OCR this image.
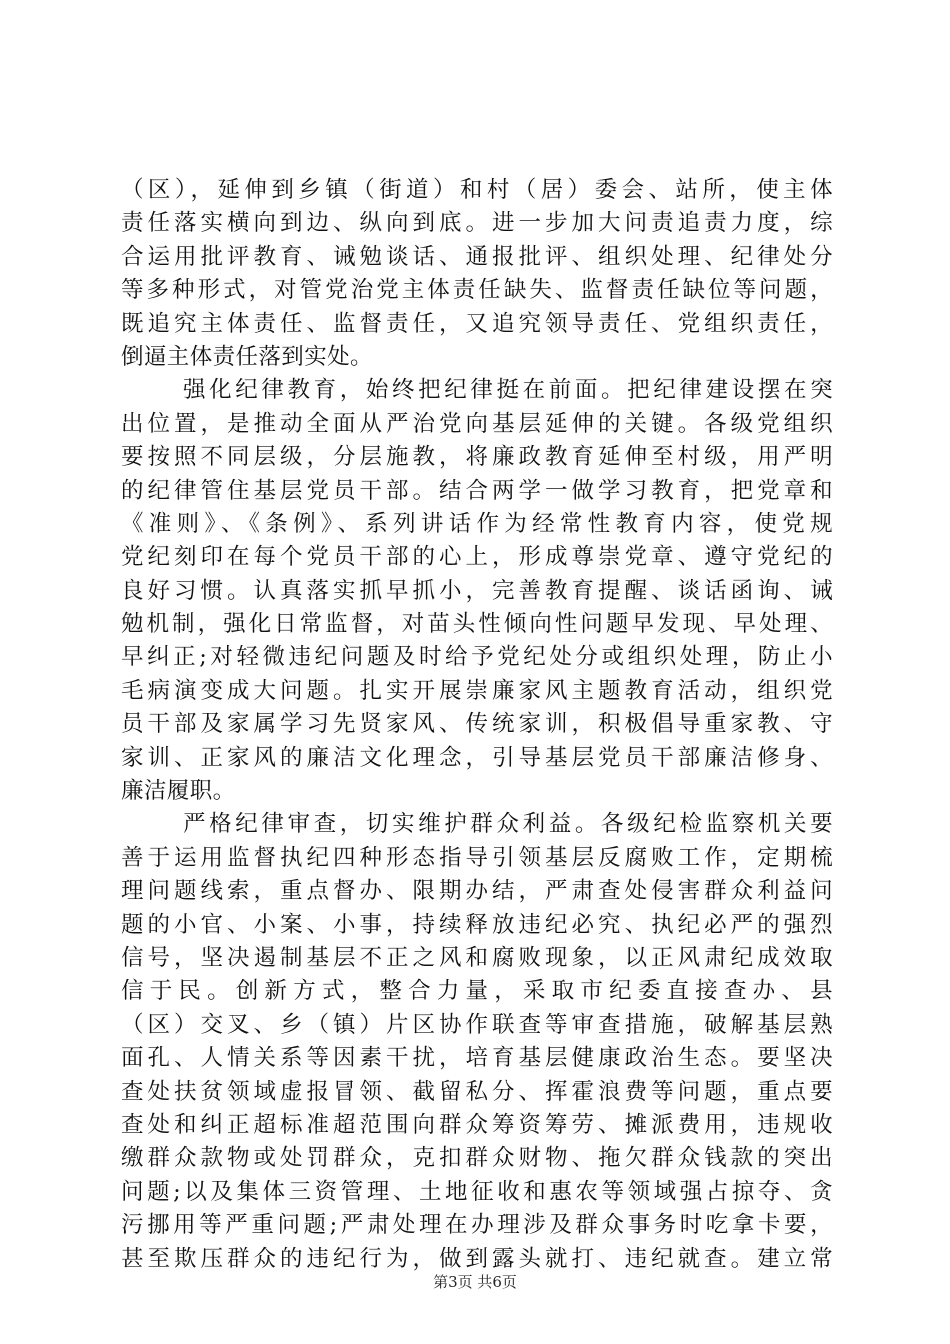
（区），延伸到乡镇（街道）和村（居）委会、站所，使主体
责任落实横向到边、纵向到底。进一步加大问责追责力度，综
合运用批评教育、诫勉谈话、通报批评、组织处理、纪律处分
等多种形式，对管党治党主体责任缺失、监督责任缺位等问题，
既追究主体责任、监督责任，又追究领导责任、党组织责任，
倒逼主体责任落到实处。
强化纪律教育，始终把纪律挺在前面。把纪律建设摆在突
出位置，是推动全面从严治党向基层延伸的关键。各级党组织
要按照不同层级，分层施教，将廉政教育延伸至村级，用严明
的纪律管住基层党员干部。结合两学一做学习教育，把党章和
《准则》、《条例》、系列讲话作为经常性教育内容，使党规
党纪刻印在每个党员干部的心上，形成尊崇党章、遵守党纪的
良好习惯。认真落实抓早抓小，完善教育提醒、谈话函询、诫
勉机制，强化日常监督，对苗头性倾向性问题早发现、早处理、
早纠正;对轻微违纪问题及时给予党纪处分或组织处理，防止小
毛病演变成大问题。扎实开展崇廉家风主题教育活动，组织党
员干部及家属学习先贤家风、传统家训，积极倡导重家教、守
家训、正家风的廉洁文化理念，引导基层党员干部廉洁修身、
廉洁履职。
严格纪律审查，切实维护群众利益。各级纪检监察机关要
善于运用监督执纪四种形态指导引领基层反腐败工作，定期梳
理问题线索，重点督办、限期办结，严肃查处侵害群众利益问
题的小官、小案、小事，持续释放违纪必究、执纪必严的强烈
信号，坚决遏制基层不正之风和腐败现象，以正风肃纪成效取
信于民。创新方式，整合力量，采取市纪委直接查办、县
（区）交叉、乡（镇）片区协作联查等审查措施，破解基层熟
面孔、人情关系等因素干扰，培育基层健康政治生态。要坚决
查处扶贫领域虚报冒领、截留私分、挥霍浪费等问题，重点要
查处和纠正超标准超范围向群众筹资筹劳、摊派费用，违规收
缴群众款物或处罚群众，克扣群众财物、拖欠群众钱款的突出
问题;以及集体三资管理、土地征收和惠农等领域强占掠夺、贪
污挪用等严重问题;严肃处理在办理涉及群众事务时吃拿卡要，
甚至欺压群众的违纪行为，做到露头就打、违纪就查。建立常
第3页 共6页
